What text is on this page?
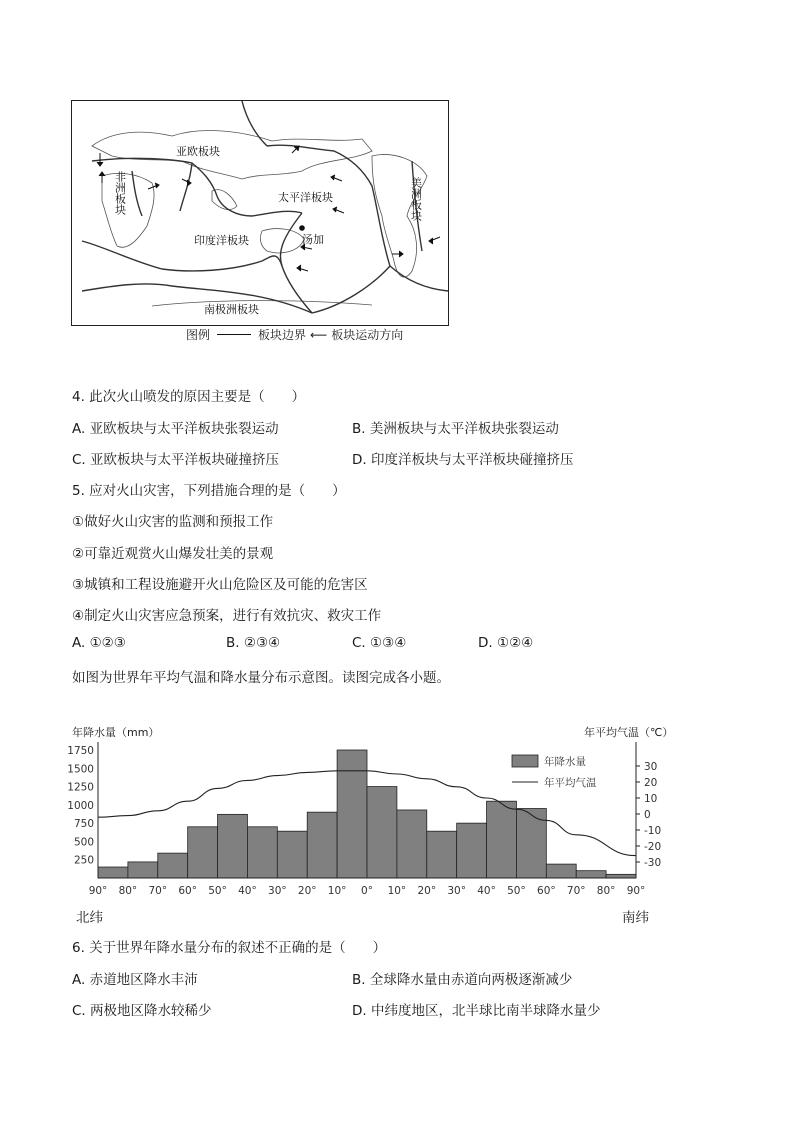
亚欧板块
太平洋板块
印度洋板块
南极洲板块
汤加
非洲板块	美洲板块
图例	板块边界 ⟵ 板块运动方向
4. 此次火山喷发的原因主要是（　　）
A. 亚欧板块与太平洋板块张裂运动	B. 美洲板块与太平洋板块张裂运动
C. 亚欧板块与太平洋板块碰撞挤压	D. 印度洋板块与太平洋板块碰撞挤压
5. 应对火山灾害，下列措施合理的是（　　）
①做好火山灾害的监测和预报工作
②可靠近观赏火山爆发壮美的景观
③城镇和工程设施避开火山危险区及可能的危害区
④制定火山灾害应急预案，进行有效抗灾、救灾工作
A. ①②③	B. ②③④	C. ①③④	D. ①②④
如图为世界年平均气温和降水量分布示意图。读图完成各小题。
年降水量（mm）	年平均气温（℃）
1750
1500
1250
1000
750
500
250
30
20
10
0
-10
-20
-30
90° 80° 70° 60° 50° 40° 30° 20° 10° 0° 10° 20° 30° 40° 50° 60° 70° 80° 90°
年降水量
年平均气温
北纬	南纬
6. 关于世界年降水量分布的叙述不正确的是（　　）
A. 赤道地区降水丰沛	B. 全球降水量由赤道向两极逐渐减少
C. 两极地区降水较稀少	D. 中纬度地区，北半球比南半球降水量少
